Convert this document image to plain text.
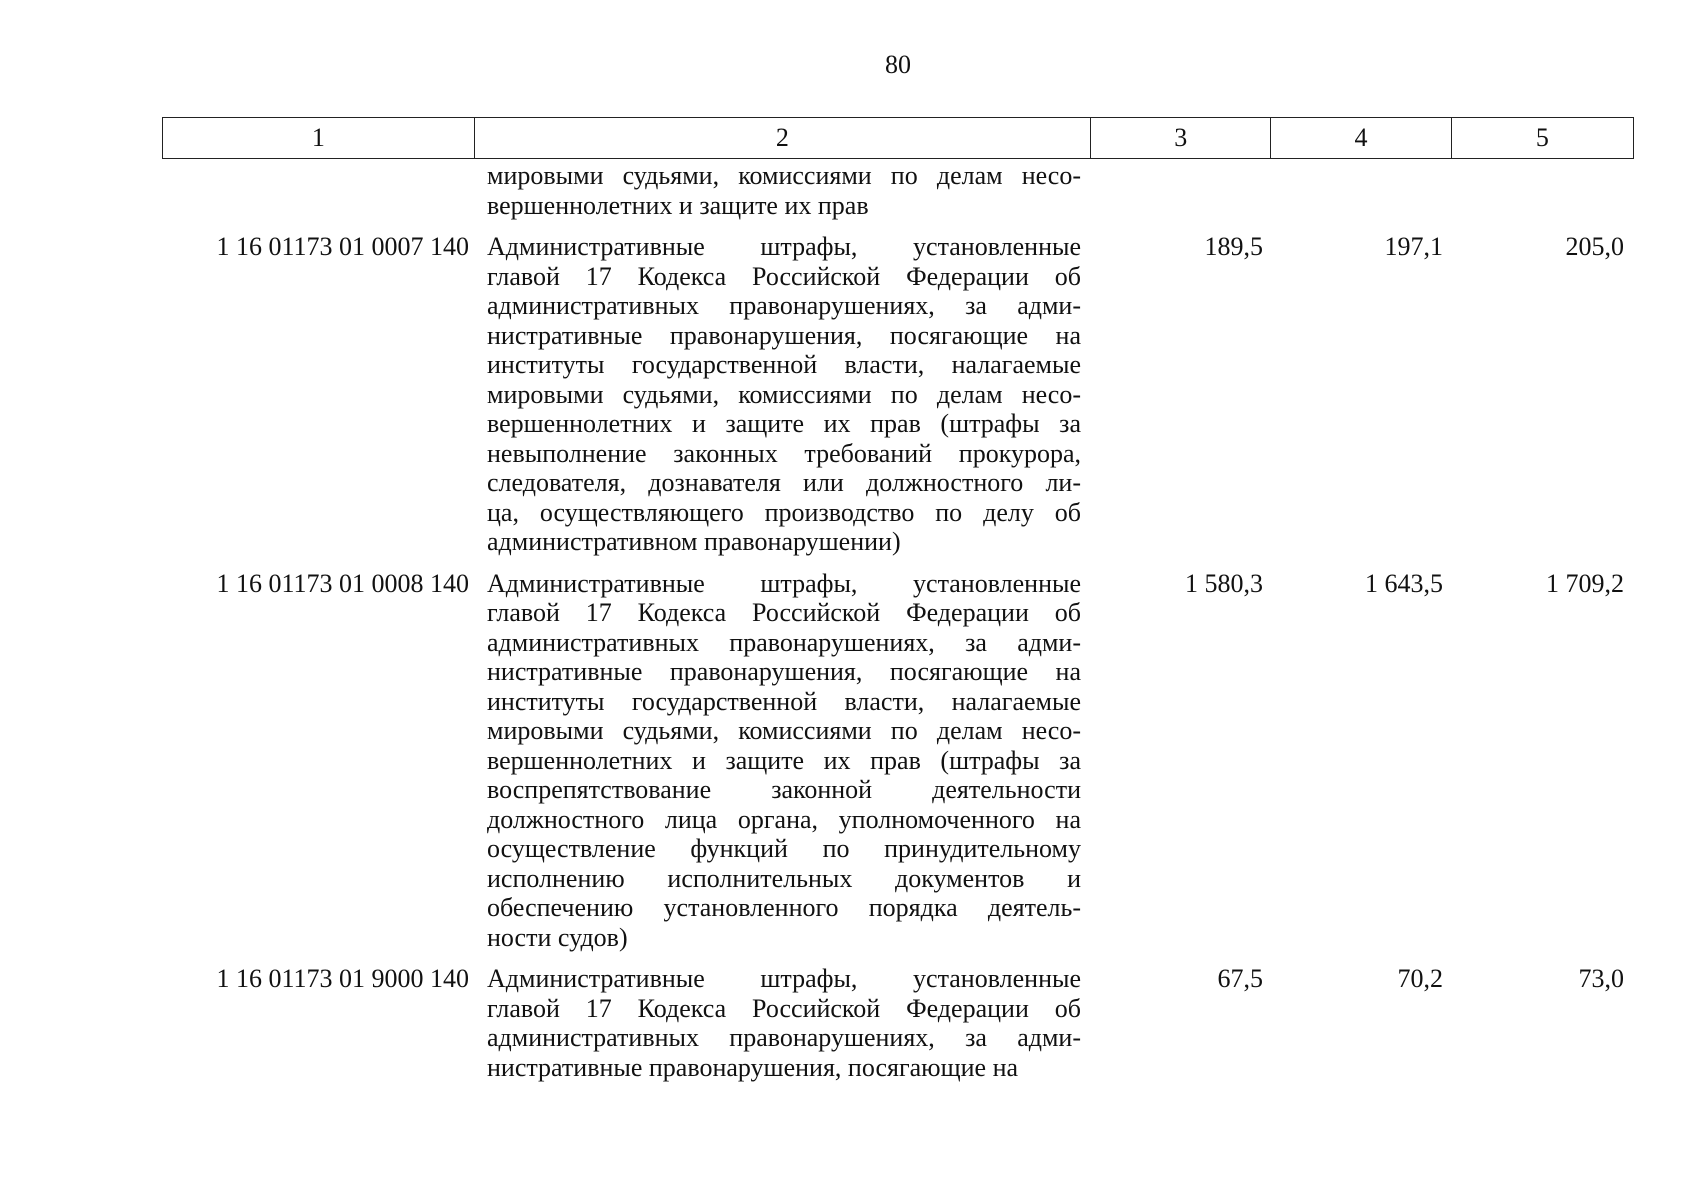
80
1	2	3	4	5
мировыми судьями, комиссиями по делам несо-
вершеннолетних и защите их прав
1 16 01173 01 0007 140 Административные штрафы, установленные
главой 17 Кодекса Российской Федерации об
административных правонарушениях, за адми-
нистративные правонарушения, посягающие на
институты государственной власти, налагаемые
мировыми судьями, комиссиями по делам несо-
вершеннолетних и защите их прав (штрафы за
невыполнение законных требований прокурора,
следователя, дознавателя или должностного ли-
ца, осуществляющего производство по делу об
административном правонарушении)
189,5	197,1	205,0
1 16 01173 01 0008 140 Административные штрафы, установленные
главой 17 Кодекса Российской Федерации об
административных правонарушениях, за адми-
нистративные правонарушения, посягающие на
институты государственной власти, налагаемые
мировыми судьями, комиссиями по делам несо-
вершеннолетних и защите их прав (штрафы за
воспрепятствование законной деятельности
должностного лица органа, уполномоченного на
осуществление функций по принудительному
исполнению исполнительных документов и
обеспечению установленного порядка деятель-
ности судов)
1 580,3	1 643,5	1 709,2
1 16 01173 01 9000 140 Административные штрафы, установленные
главой 17 Кодекса Российской Федерации об
административных правонарушениях, за адми-
нистративные правонарушения, посягающие на
67,5	70,2	73,0
